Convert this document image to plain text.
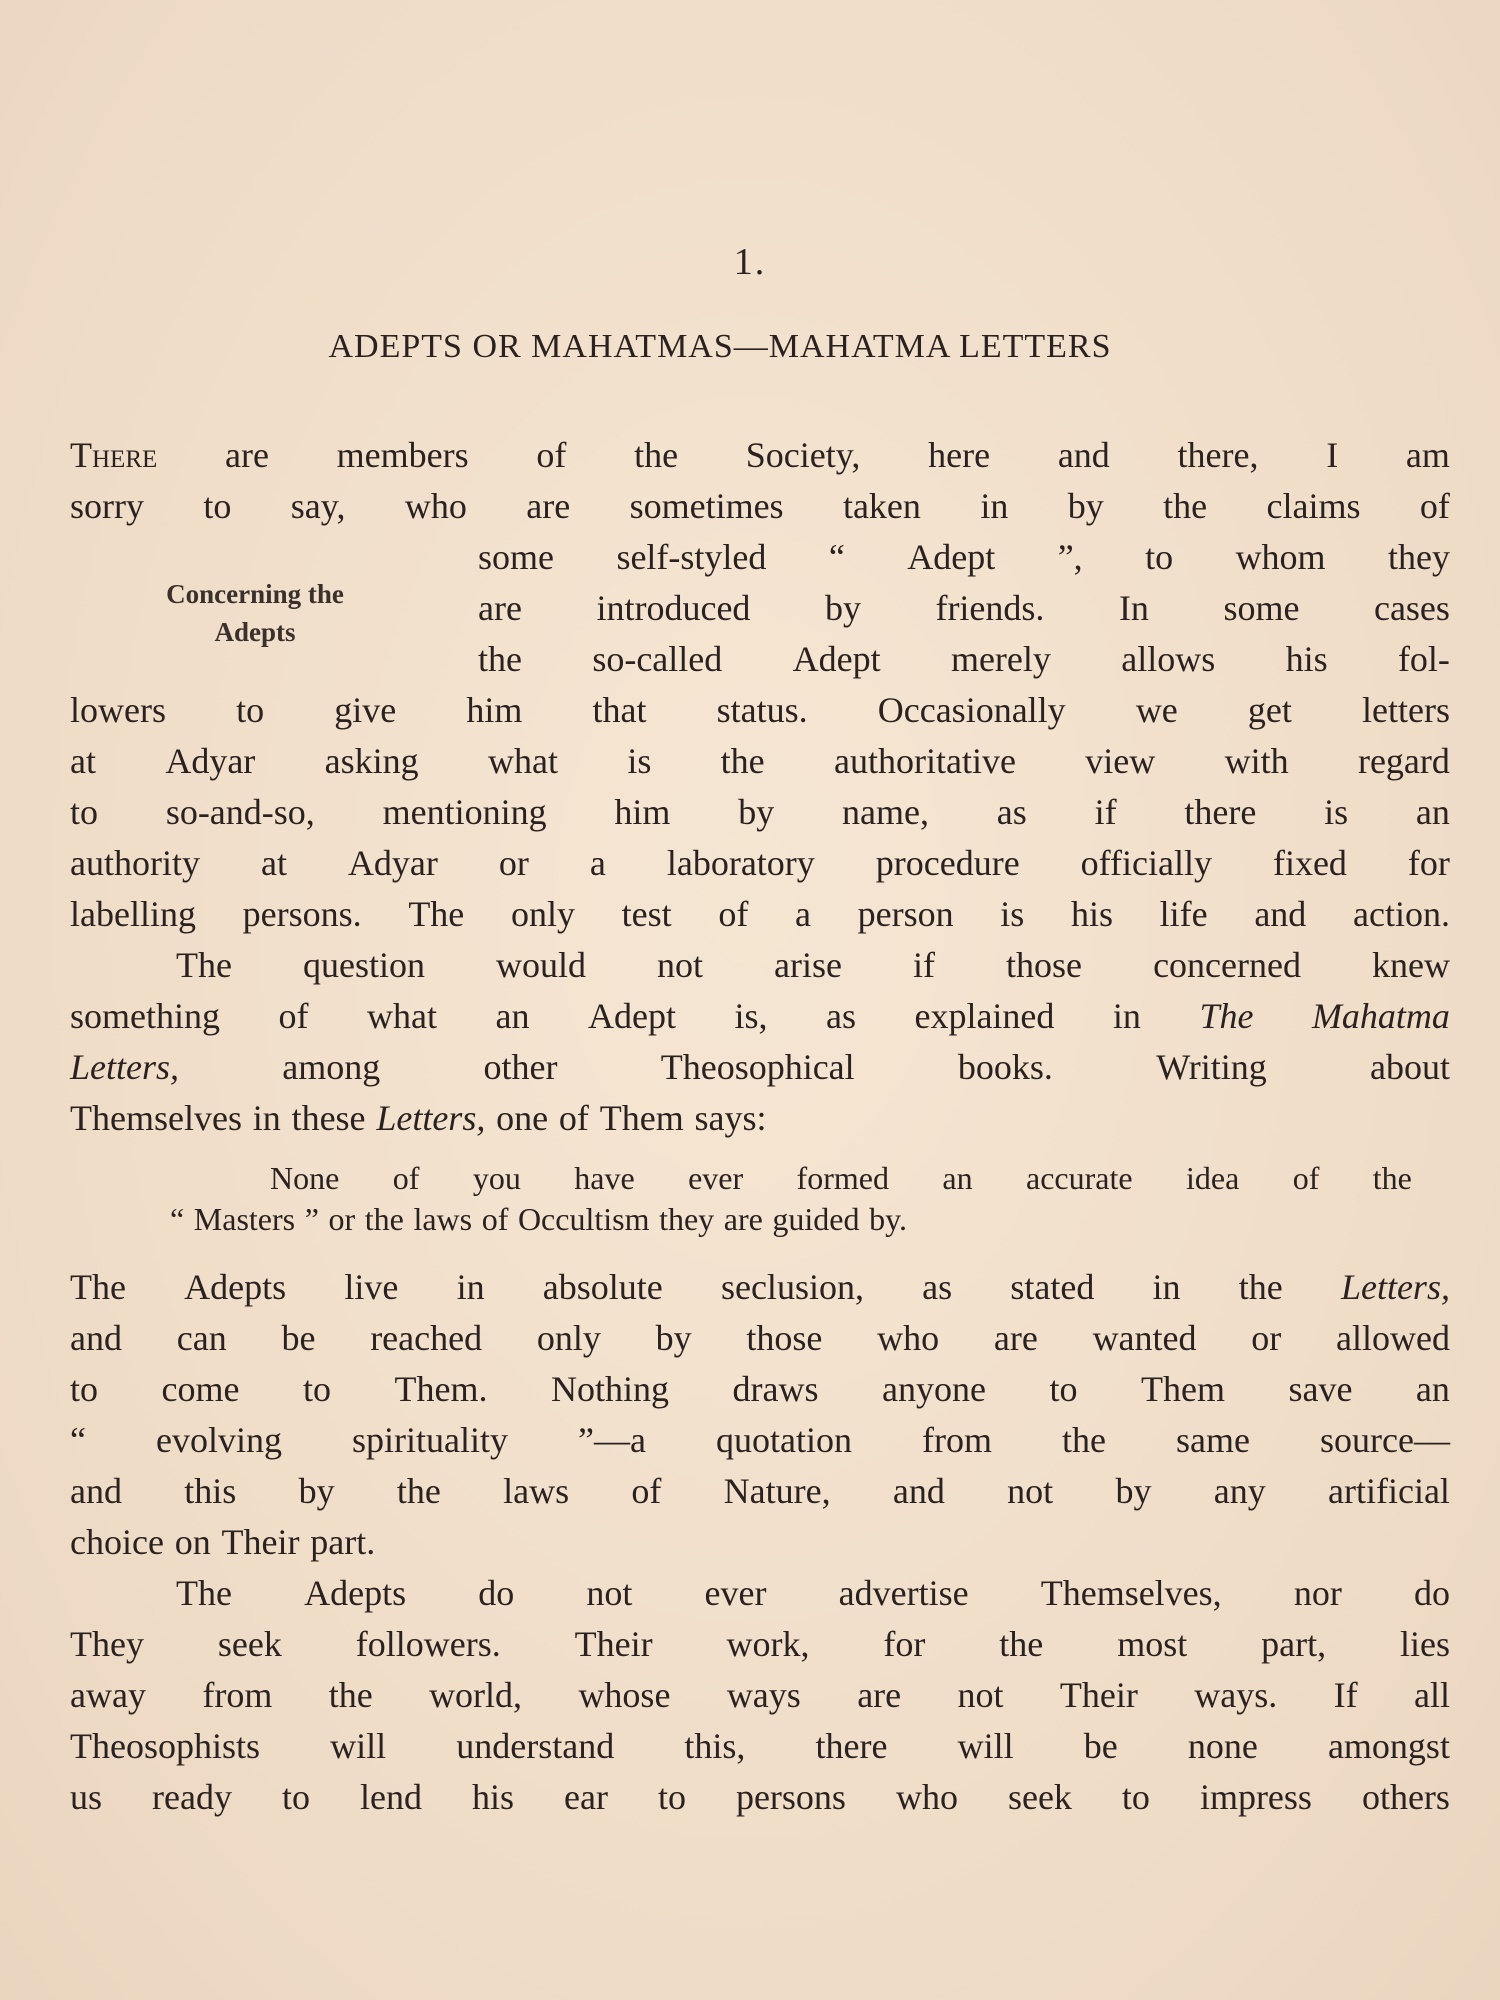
1.
ADEPTS OR MAHATMAS—MAHATMA LETTERS
Concerning the
Adepts
There are members of the Society, here and there, I am
sorry to say, who are sometimes taken in by the claims of
some self-styled “ Adept ”, to whom they
are introduced by friends. In some cases
the so-called Adept merely allows his fol-
lowers to give him that status. Occasionally we get letters
at Adyar asking what is the authoritative view with regard
to so-and-so, mentioning him by name, as if there is an
authority at Adyar or a laboratory procedure officially fixed for
labelling persons. The only test of a person is his life and action.
The question would not arise if those concerned knew
something of what an Adept is, as explained in The Mahatma
Letters,	among	other	Theosophical	books.	Writing	about
Themselves in these Letters, one of Them says:
None of you have ever formed an accurate idea of the
“ Masters ” or the laws of Occultism they are guided by.
The Adepts live in absolute seclusion, as stated in the Letters,
and can be reached only by those who are wanted or allowed
to come to Them. Nothing draws anyone to Them save an
“ evolving spirituality ”—a quotation from the same source—
and this by the laws of Nature, and not by any artificial
choice on Their part.
The Adepts do not ever advertise Themselves, nor do
They seek followers. Their work, for the most part, lies
away from the world, whose ways are not Their ways. If all
Theosophists will understand this, there will be none amongst
us ready to lend his ear to persons who seek to impress others
